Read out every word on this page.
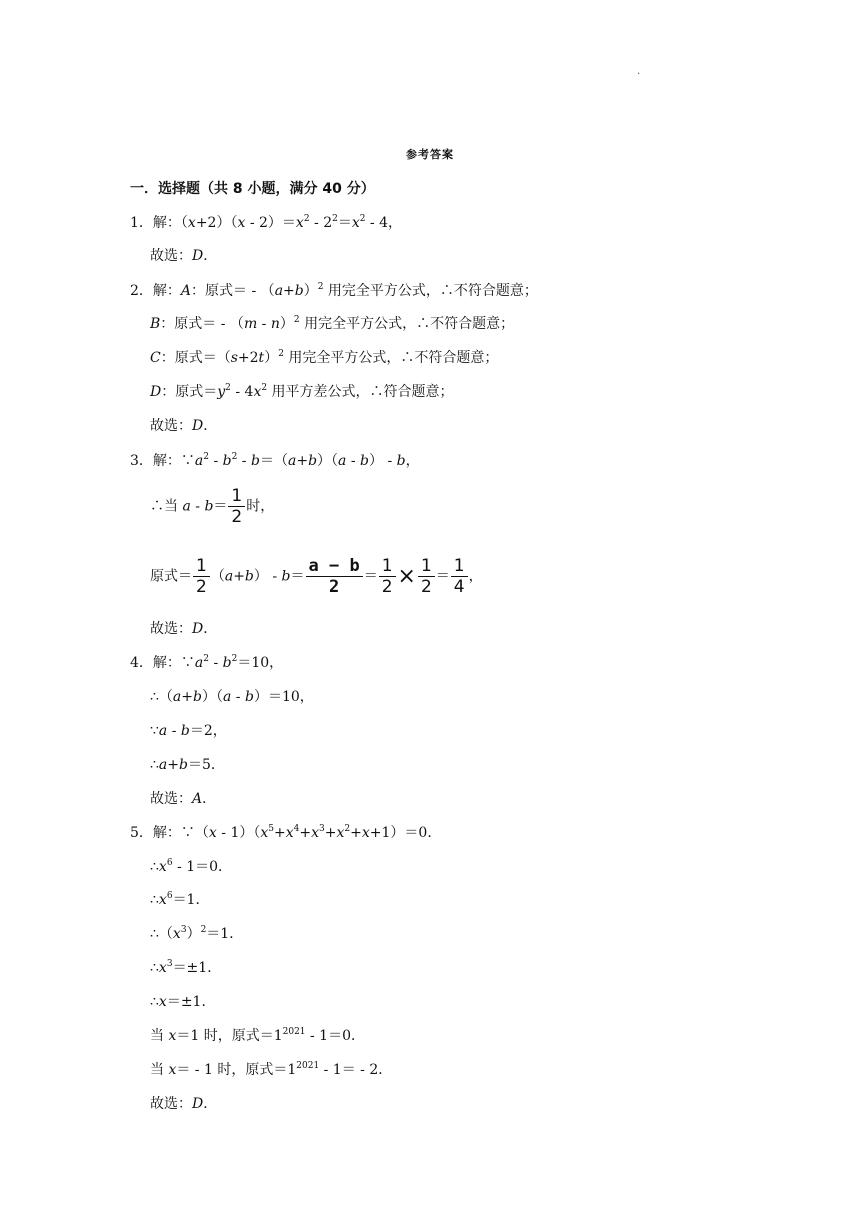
.
参考答案
一．选择题（共 8 小题，满分 40 分）
1．解：$(x+2)(x - 2)=x^2 - 2^2=x^2 - 4$，
故选：D．
2．解：A：原式＝ - $(a+b)^2$ 用完全平方公式，∴不符合题意；
B：原式＝ - （m - n）$^2$ 用完全平方公式，∴不符合题意；
C：原式$=(s+2t)^2$ 用完全平方公式，∴不符合题意；
D：原式$=y^2 - 4x^2$ 用平方差公式，∴符合题意；
故选：D．
3．解：$\because a^2 - b^2 - b=(a+b)(a - b) - b$，
∴当 $a - b= \frac{1}{2}$ 时，
原式＝ $\frac{1}{2} (a+b) - b= \frac{a - b}{2} = \frac{1}{2} \times \frac{1}{2} = \frac{1}{4}$ ，
故选：D．
4．解：$\because a^2 - b^2=10$，
∴（a+b）（a - b）＝10，
∵a - b＝2，
∴a+b＝5．
故选：A．
5．解：∵（x - $1)(x^5+x^4+x^3+x^2+x+1)=0$．
$\therefore x^6 - 1=0$．
$\therefore x^6=1$．
$\therefore(x^3)^2=1$．
$\therefore x^3=\pm 1$．
∴x＝±1．
当 x＝1 时，原式$=1^{2021} - 1=0$．
当 x＝ - 1 时，原式$=1^{2021} - 1= - 2$．
故选：D．
